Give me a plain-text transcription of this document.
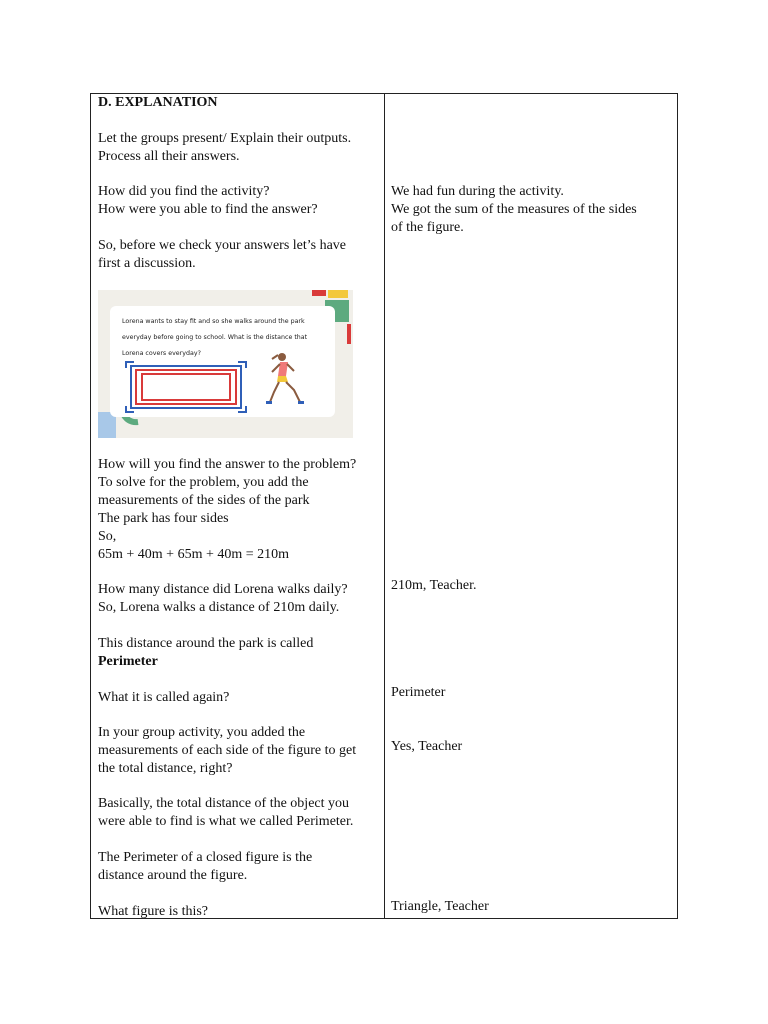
D. EXPLANATION
Let the groups present/ Explain their outputs.
Process all their answers.
How did you find the activity?
How were you able to find the answer?
So, before we check your answers let’s have
first a discussion.
Lorena wants to stay fit and so she walks around the park everyday before going to school. What is the distance that Lorena covers everyday?
How will you find the answer to the problem?
To solve for the problem, you add the
measurements of the sides of the park
The park has four sides
So,
65m + 40m + 65m + 40m = 210m
How many distance did Lorena walks daily?
So, Lorena walks a distance of 210m daily.
This distance around the park is called
Perimeter
What it is called again?
In your group activity, you added the
measurements of each side of the figure to get
the total distance, right?
Basically, the total distance of the object you
were able to find is what we called Perimeter.
The Perimeter of a closed figure is the
distance around the figure.
What figure is this?
We had fun during the activity.
We got the sum of the measures of the sides
of the figure.
210m, Teacher.
Perimeter
Yes, Teacher
Triangle, Teacher
